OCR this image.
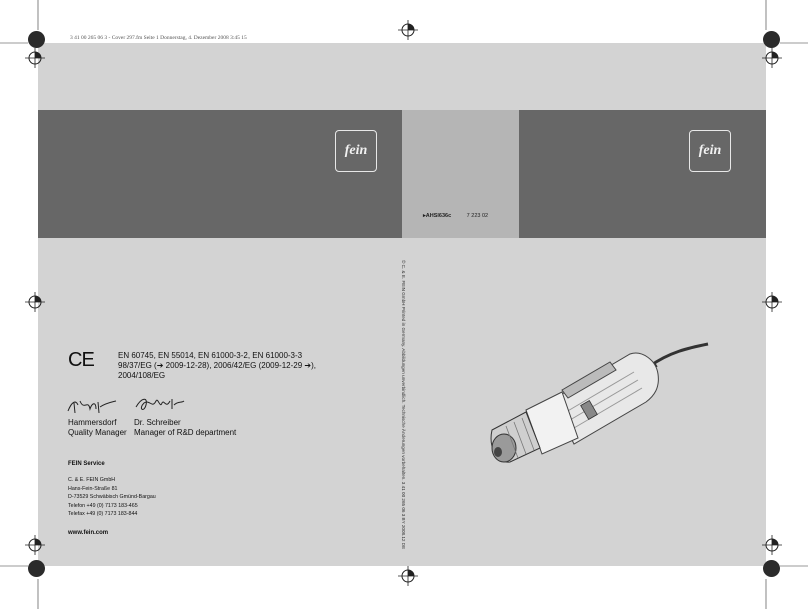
3 41 00 265 06 3 - Cover 297.fm Seite 1 Donnerstag, 4. Dezember 2008 3:45 15
fein	fein
▸AHSl636c	7 223 02
© C. & E. FEIN GmbH Printed in Germany. Abbildungen unverbindlich. Technische Änderungen vorbehalten. 3 41 00 265 06 3 BY 2008.12 DE
CE	EN 60745, EN 55014, EN 61000-3-2, EN 61000-3-3
98/37/EG (➔ 2009-12-28), 2006/42/EG (2009-12-29 ➔),
2004/108/EG
Hammersdorf
Quality Manager
Dr. Schreiber
Manager of R&D department
FEIN Service
C. & E. FEIN GmbH
Hans-Fein-Straße 81
D-73529 Schwäbisch Gmünd-Bargau
Telefon +49 (0) 7173 183-465
Telefax +49 (0) 7173 183-844
www.fein.com
